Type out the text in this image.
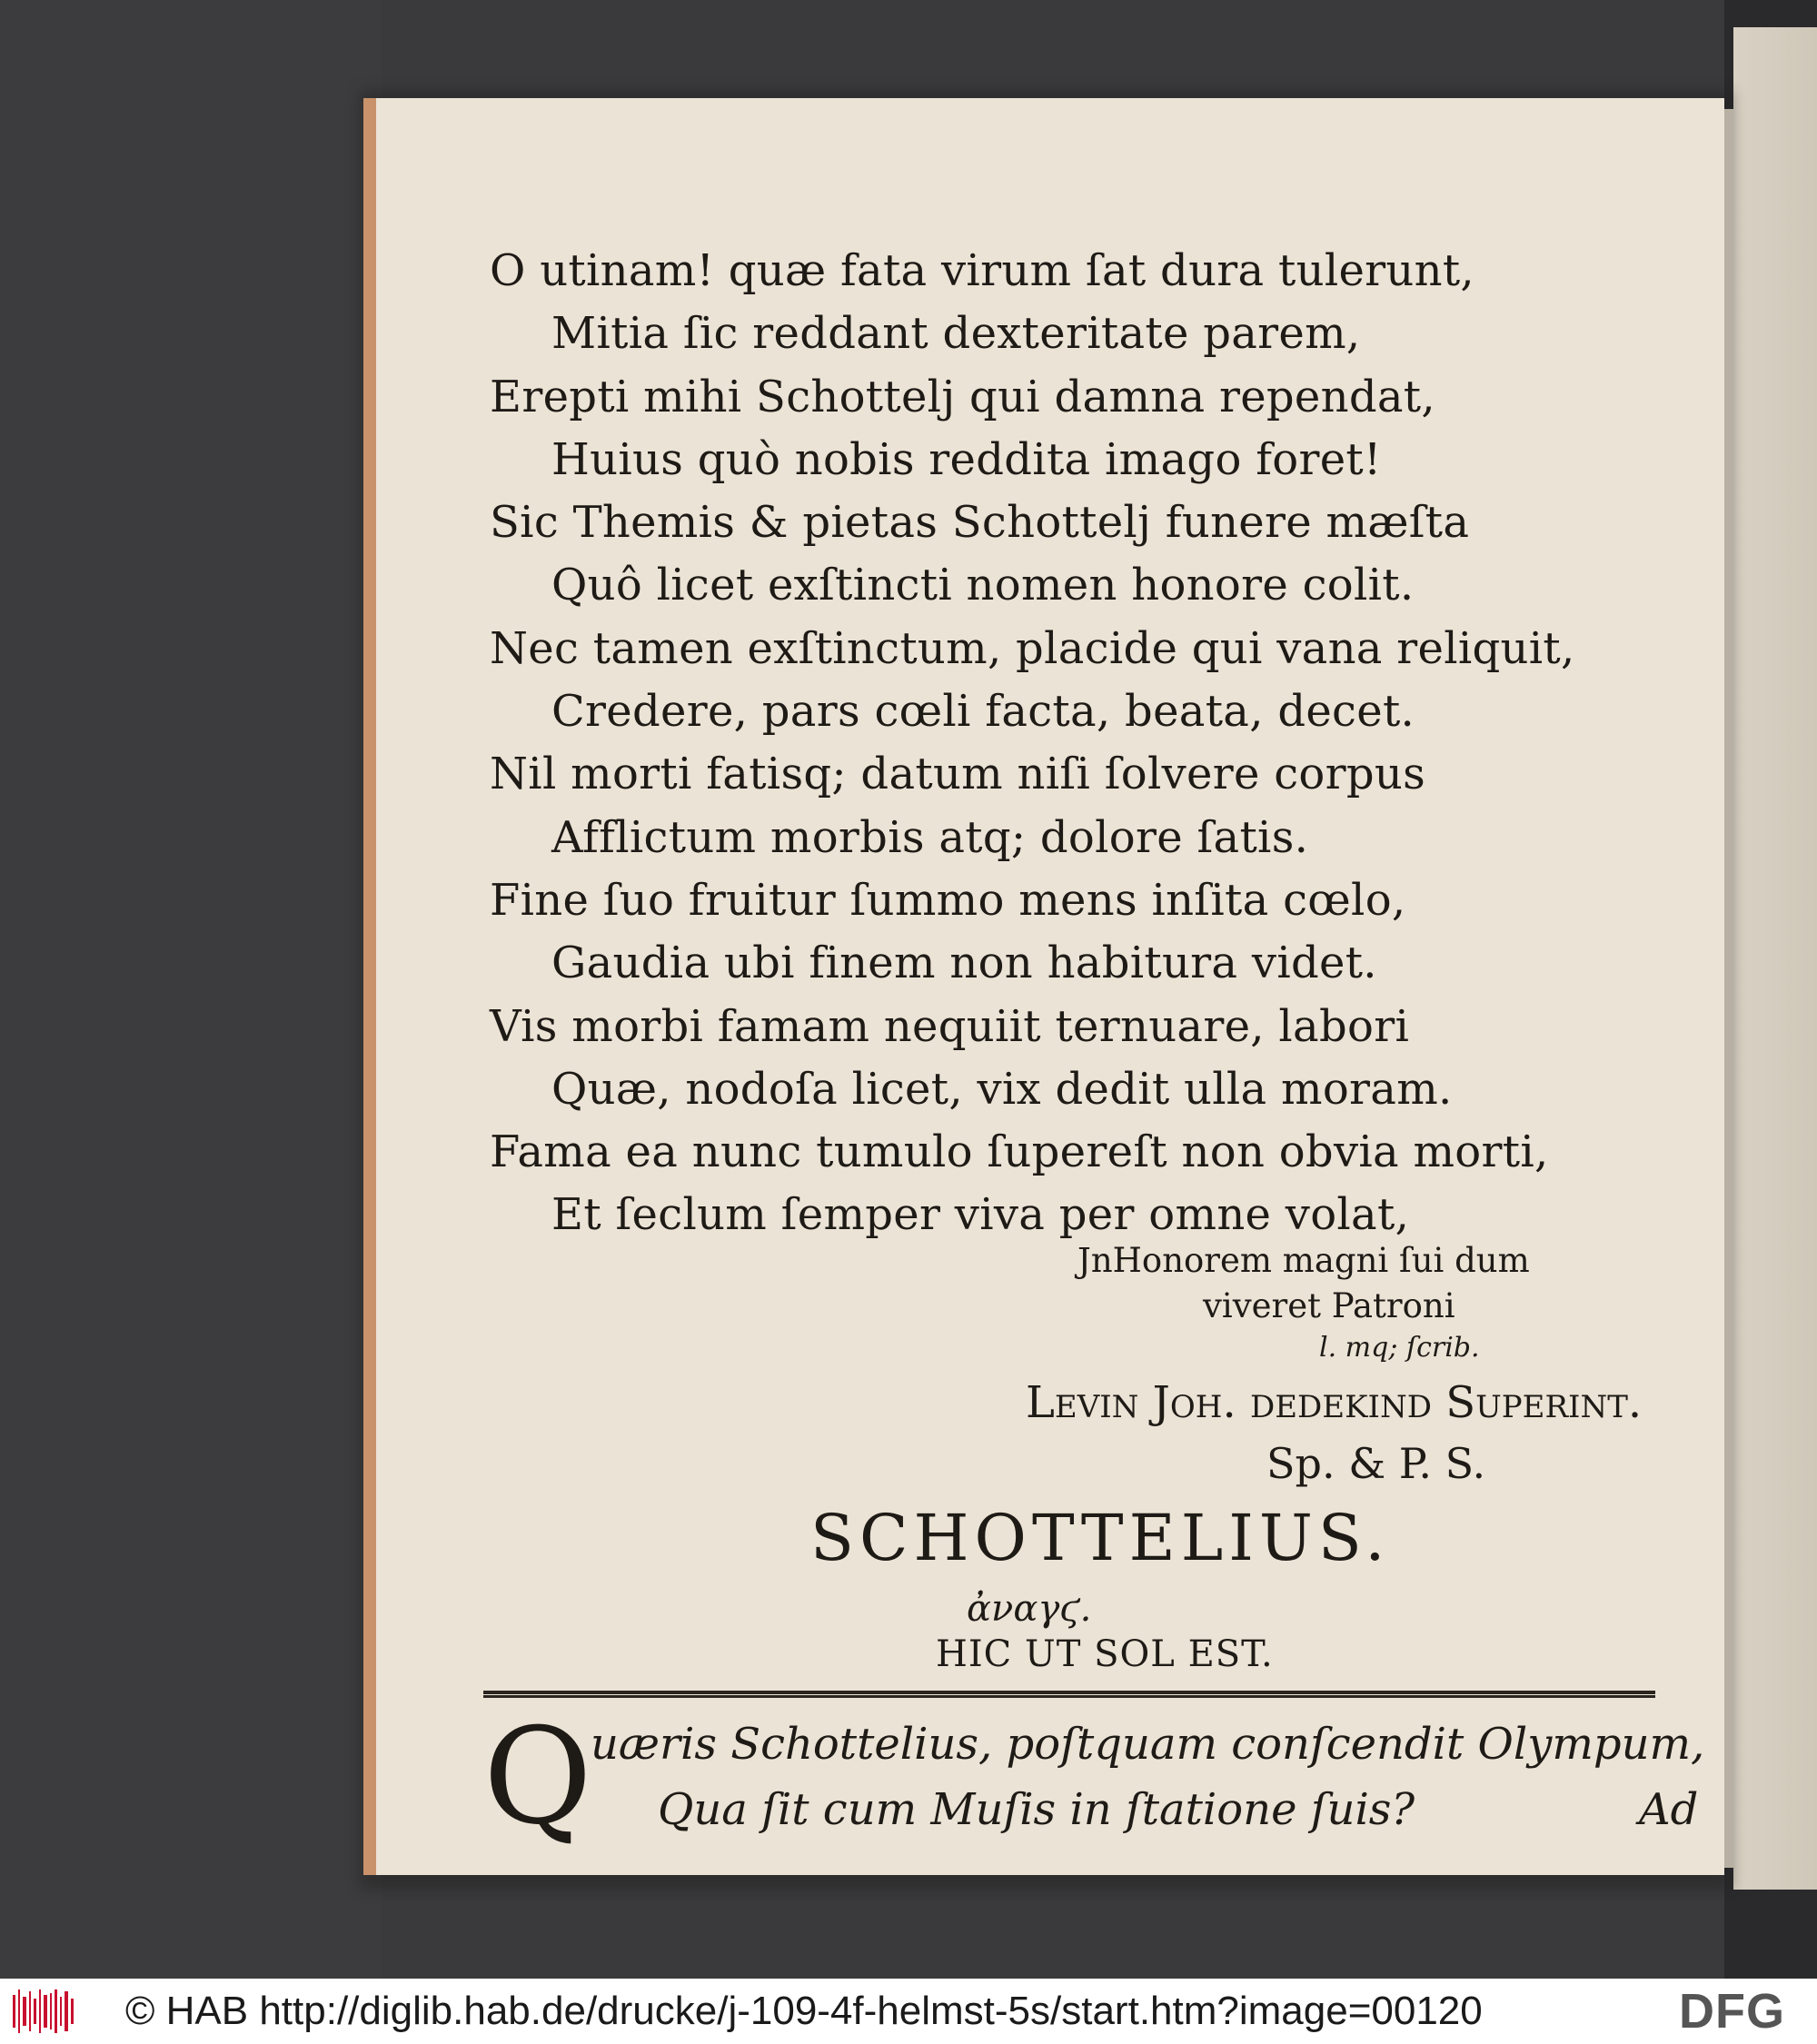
O utinam! quæ fata virum ſat dura tulerunt,
Mitia ſic reddant dexteritate parem,
Erepti mihi Schottelj qui damna rependat,
Huius quò nobis reddita imago foret!
Sic Themis & pietas Schottelj funere mæſta
Quô licet exſtincti nomen honore colit.
Nec tamen exſtinctum, placide qui vana reliquit,
Credere, pars cœli facta, beata, decet.
Nil morti fatisq; datum niſi ſolvere corpus
Afflictum morbis atq; dolore ſatis.
Fine ſuo fruitur ſummo mens inſita cœlo,
Gaudia ubi finem non habitura videt.
Vis morbi famam nequiit ternuare, labori
Quæ, nodoſa licet, vix dedit ulla moram.
Fama ea nunc tumulo ſupereſt non obvia morti,
Et ſeclum ſemper viva per omne volat,
JnHonorem magni ſui dum
viveret Patroni
l. mq; ſcrib.
Levin Joh. dedekind Superint.
Sp. & P. S.
SCHOTTELIUS.
ἀναγϛ.
HIC UT SOL EST.
Q
uæris Schottelius, poſtquam conſcendit Olympum,
Qua ſit cum Muſis in ſtatione ſuis?	Ad
© HAB http://diglib.hab.de/drucke/j-109-4f-helmst-5s/start.htm?image=00120	DFG
